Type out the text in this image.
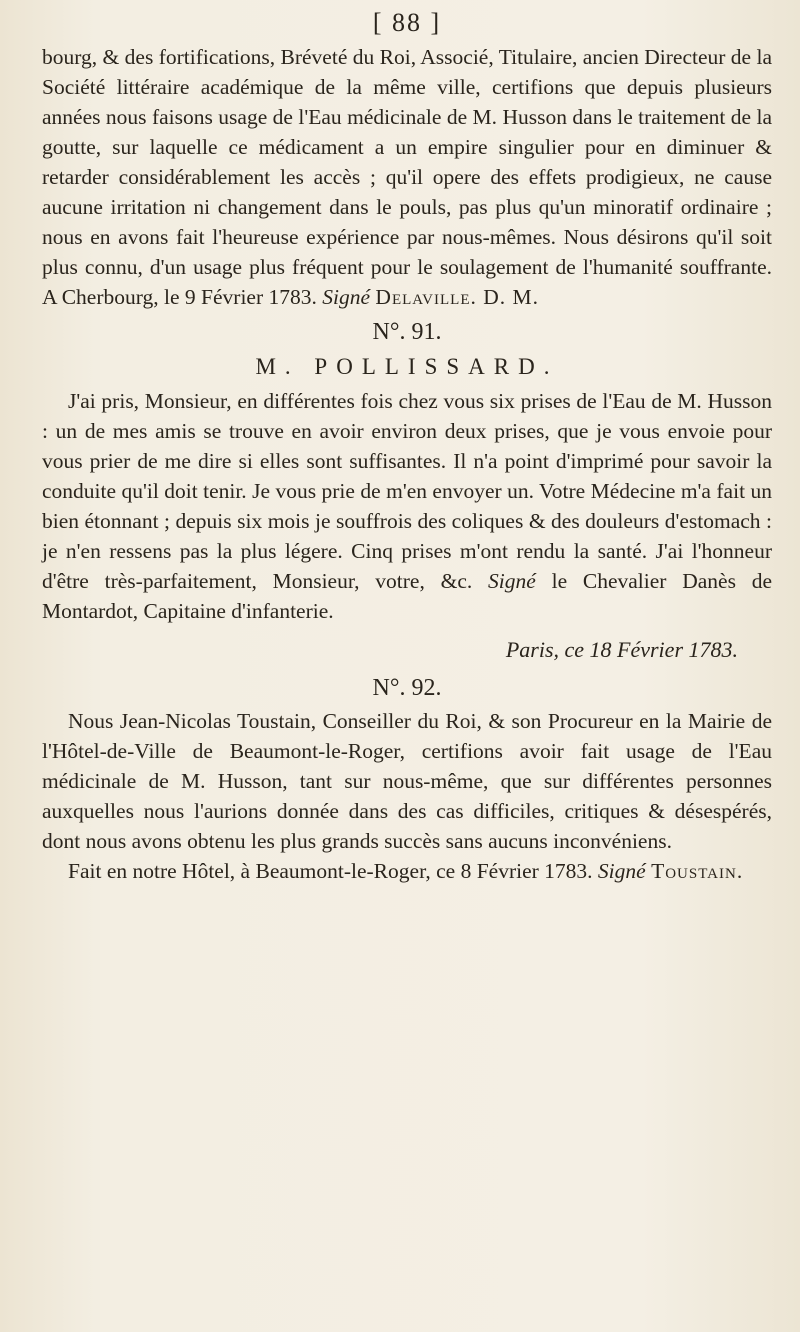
[ 88 ]

bourg, & des fortifications, Bréveté du Roi, Associé, Titulaire, ancien Directeur de la Société littéraire académique de la même ville, certifions que depuis plusieurs années nous faisons usage de l'Eau médicinale de M. Husson dans le traitement de la goutte, sur laquelle ce médicament a un empire singulier pour en diminuer & retarder considérablement les accès ; qu'il opere des effets prodigieux, ne cause aucune irritation ni changement dans le pouls, pas plus qu'un minoratif ordinaire ; nous en avons fait l'heureuse expérience par nous-mêmes. Nous désirons qu'il soit plus connu, d'un usage plus fréquent pour le soulagement de l'humanité souffrante. A Cherbourg, le 9 Février 1783. Signé Delaville. D. M.

N°. 91.
M. POLLISSARD.

J'ai pris, Monsieur, en différentes fois chez vous six prises de l'Eau de M. Husson : un de mes amis se trouve en avoir environ deux prises, que je vous envoie pour vous prier de me dire si elles sont suffisantes. Il n'a point d'imprimé pour savoir la conduite qu'il doit tenir. Je vous prie de m'en envoyer un. Votre Médecine m'a fait un bien étonnant ; depuis six mois je souffrois des coliques & des douleurs d'estomach : je n'en ressens pas la plus légere. Cinq prises m'ont rendu la santé. J'ai l'honneur d'être très-parfaitement, Monsieur, votre, &c. Signé le Chevalier Danès de Montardot, Capitaine d'infanterie.

Paris, ce 18 Février 1783.
N°. 92.

Nous Jean-Nicolas Toustain, Conseiller du Roi, & son Procureur en la Mairie de l'Hôtel-de-Ville de Beaumont-le-Roger, certifions avoir fait usage de l'Eau médicinale de M. Husson, tant sur nous-même, que sur différentes personnes auxquelles nous l'aurions donnée dans des cas difficiles, critiques & désespérés, dont nous avons obtenu les plus grands succès sans aucuns inconvéniens.

Fait en notre Hôtel, à Beaumont-le-Roger, ce 8 Février 1783. Signé Toustain.
